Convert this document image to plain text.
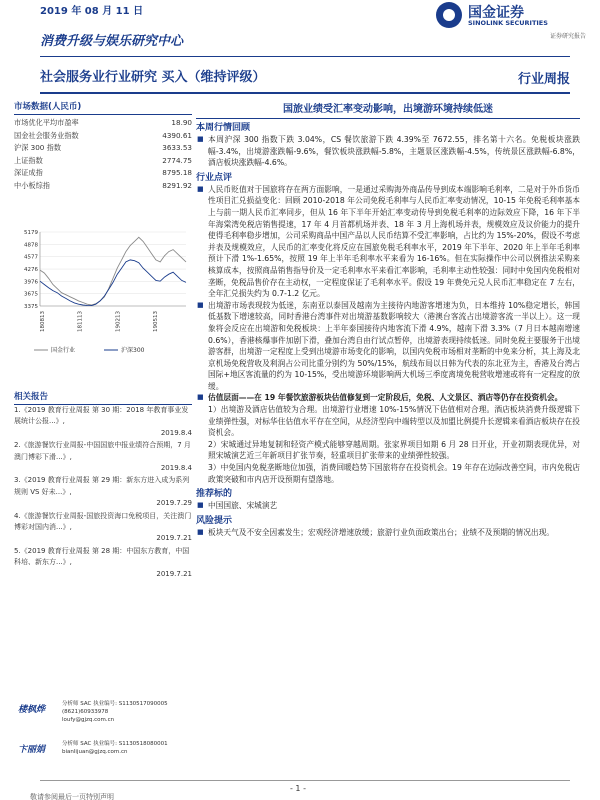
2019 年 08 月 11 日	国金证券
SINOLINK SECURITIES
证券研究报告
消费升级与娱乐研究中心
社会服务业行业研究 买入（维持评级）	行业周报
市场数据(人民币)
市场优化平均市盈率	18.90
国金社会服务业指数	4390.61
沪深 300 指数	3633.53
上证指数	2774.75
深证成指	8795.18
中小板综指	8291.92
5179
4878
4577
4276
3976
3675
3375
180813	181113	190213	190513
国金行业	沪深300
相关报告
1.《2019 教育行业周报 第 30 期：2018 年教育事业发展统计公报...》,
2019.8.4
2.《旅游餐饮行业周报-中国国旅中报业绩符合预期，7 月澳门博彩下滑...》,
2019.8.4
3.《2019 教育行业周报 第 29 期：新东方进入成为系列规则 VS 好未...》,
2019.7.29
4.《旅游餐饮行业周报-国旅投资海口免税项目，关注澳门博彩对国内消...》,
2019.7.21
5.《2019 教育行业周报 第 28 期：中国东方教育，中国科培、新东方...》,
2019.7.21
楼枫烨
分析师 SAC 执业编号: S1130517090005
(8621)60933978
loufy@gjzq.com.cn
卞丽娟
分析师 SAC 执业编号: S1130518080001
bianlijuan@gjzq.com.cn
国旅业绩受汇率变动影响，出境游环境持续低迷
本周行情回顾
■ 本周沪深 300 指数下跌 3.04%，CS 餐饮旅游下跌 4.39%至 7672.55，排名第十六名。免税板块涨跌幅-3.4%，出境游涨跌幅-9.6%，餐饮板块涨跌幅-5.8%，主题景区涨跌幅-4.5%，传统景区涨跌幅-6.8%，酒店板块涨跌幅-4.6%。
行业点评
■ 人民币贬值对于国旅将存在两方面影响，一是通过采购海外商品传导到成本端影响毛利率，二是对于外币货币性项目汇兑损益变化：回顾 2010-2018 年公司免税毛利率与人民币汇率变动情况，10-15 年免税毛利率基本上与前一期人民币汇率同步，但从 16 年下半年开始汇率变动传导到免税毛利率的边际效应下降，16 年下半年海棠湾免税店销售提速，17 年 4 月首都机场并表、18 年 3 月上海机场并表，规模效应及议价能力的提升使得毛利率稳步增加，公司采购商品中国产品以人民币结算不受汇率影响，占比约为 15%-20%，假设不考虑并表及规模效应，人民币的汇率变化将反应在国旅免税毛利率水平，2019 年下半年、2020 年上半年毛利率预计下滑 1%-1.65%，按照 19 年上半年毛利率水平来看为 16-16%。但在实际操作中公司以例推法采购来核算成本，按照商品销售指导价及一定毛利率水平来看汇率影响，毛利率主动性较强：同时中免国内免税相对垄断，免税品售价存在主动权，一定程度保证了毛利率水平。假设 19 年费免元兑人民币汇率稳定在 7 左右，全年汇兑损失约为 0.7-1.2 亿元。
■ 出境游市场表现较为低迷，东南亚以泰国及越南为主接待内地游客增速为负，日本维持 10%稳定增长，韩国低基数下增速较高，同时香港台湾事件对出境游基数影响较大（港澳台客流占出境游客流一半以上）。这一现象将会反应在出境游和免税板块：上半年泰国接待内地客流下滑 4.9%，越南下滑 3.3%（7 月日本越南增速 0.6%），香港核爆事件加剧下滑，叠加台湾自由行试点暂停，出境游表现持续低迷。同时免税主要服务于出境游客群，出境游一定程度上受到出境游市场变化的影响，以国内免税市场相对垄断的中免来分析，其上海及北京机场免税营收及利润占公司比重分别约为 50%/15%，航线布局以日韩为代表的东北亚为主，香港及台湾占国际+地区客流量的约为 10-15%，受出境游环境影响两大机场三季度离境免税营收增速或将有一定程度的放缓。
■ 估值层面——在 19 年餐饮旅游板块估值修复到一定阶段后，免税、人文景区、酒店等仍存在投资机会。
1）出境游及酒店估值较为合理。出境游行业增速 10%-15%情况下估值相对合理。酒店板块消费升级逻辑下业绩弹性强，对标华住估值水平存在空间，从经济型向中端转型以及加盟比例提升长逻辑来看酒店板块存在投资机会。
2）宋城通过异地复制和轻资产模式能够穿越周期。张家界项目如期 6 月 28 日开业，开业初期表现优异，对照宋城演艺近三年新项目扩张节奏，轻重项目扩张带来的业绩弹性较强。
3）中免国内免税垄断地位加强，消费回暖趋势下国旅将存在投资机会。19 年存在边际改善空间，市内免税店政策突破和市内店开设预期有望落地。
推荐标的
■ 中国国旅、宋城演艺
风险提示
■ 板块天气及不安全因素发生；宏观经济增速放缓；旅游行业负面政策出台；业绩不及预期的情况出现。
- 1 -
敬请参阅最后一页特别声明
